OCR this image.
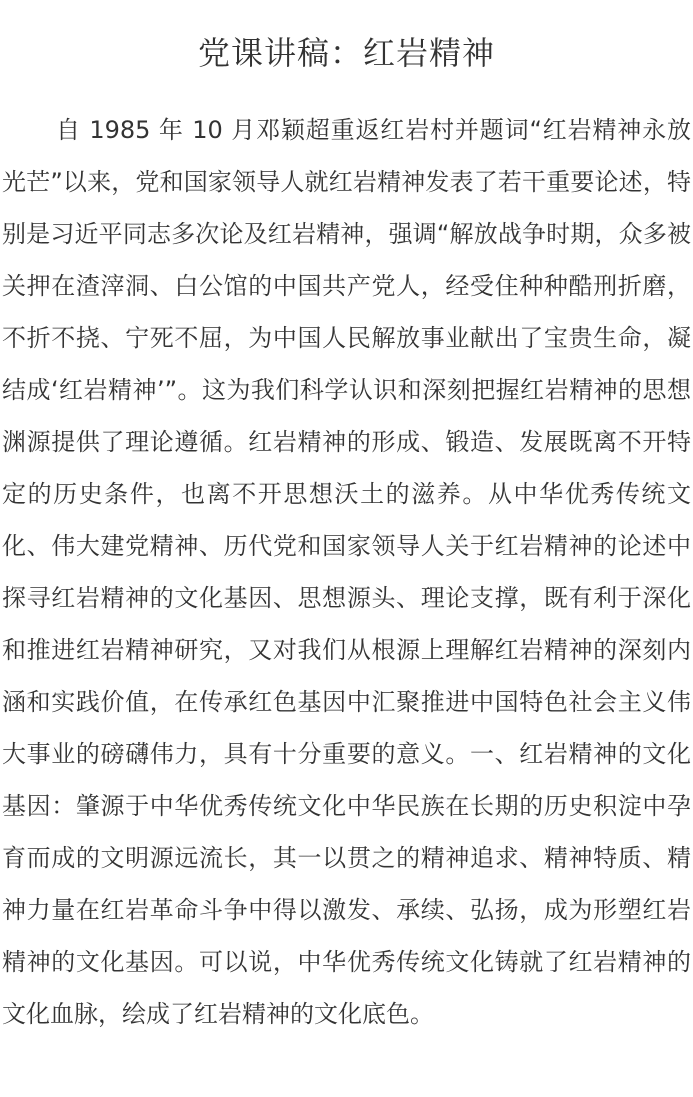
党课讲稿：红岩精神

自 1985 年 10 月邓颖超重返红岩村并题词“红岩精神永放光芒”以来，党和国家领导人就红岩精神发表了若干重要论述，特别是习近平同志多次论及红岩精神，强调“解放战争时期，众多被关押在渣滓洞、白公馆的中国共产党人，经受住种种酷刑折磨，不折不挠、宁死不屈，为中国人民解放事业献出了宝贵生命，凝结成‘红岩精神’”。这为我们科学认识和深刻把握红岩精神的思想渊源提供了理论遵循。红岩精神的形成、锻造、发展既离不开特定的历史条件，也离不开思想沃土的滋养。从中华优秀传统文化、伟大建党精神、历代党和国家领导人关于红岩精神的论述中探寻红岩精神的文化基因、思想源头、理论支撑，既有利于深化和推进红岩精神研究，又对我们从根源上理解红岩精神的深刻内涵和实践价值，在传承红色基因中汇聚推进中国特色社会主义伟大事业的磅礴伟力，具有十分重要的意义。一、红岩精神的文化基因：肇源于中华优秀传统文化中华民族在长期的历史积淀中孕育而成的文明源远流长，其一以贯之的精神追求、精神特质、精神力量在红岩革命斗争中得以激发、承续、弘扬，成为形塑红岩精神的文化基因。可以说，中华优秀传统文化铸就了红岩精神的文化血脉，绘成了红岩精神的文化底色。
